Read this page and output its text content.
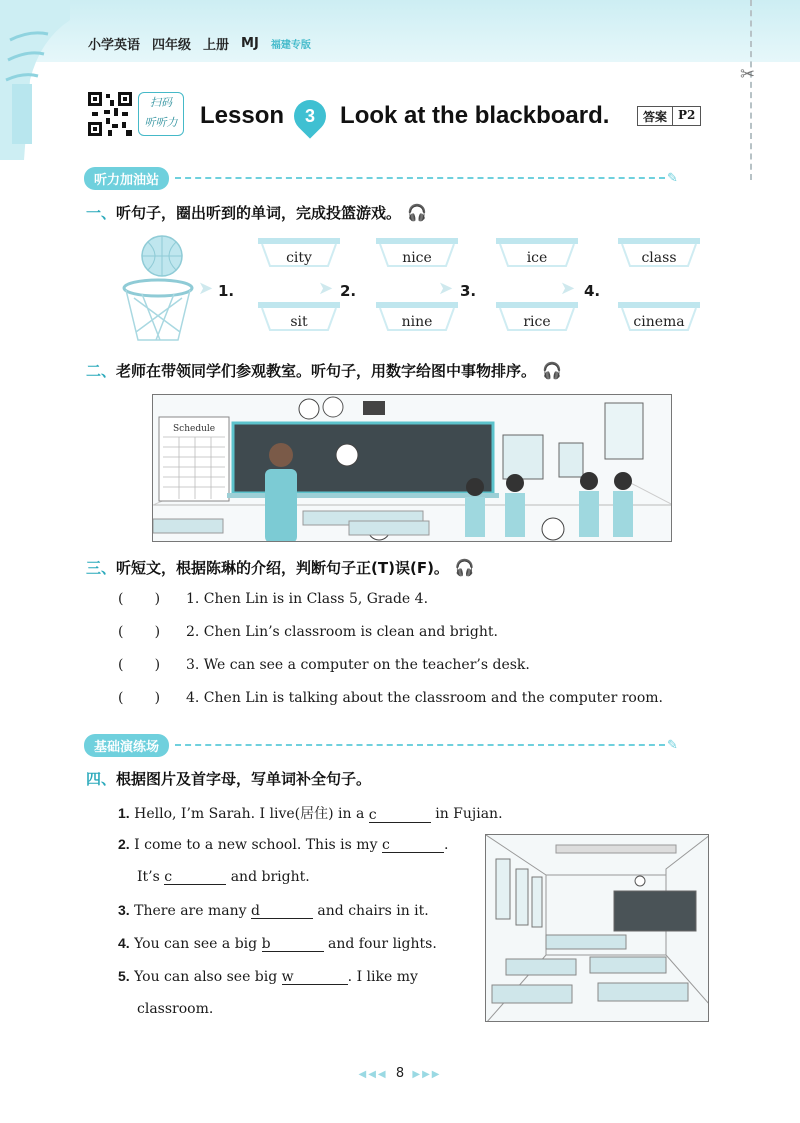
小学英语 四年级 上册 MJ 福建专版
✂
扫码
听听力 Lesson	3	Look at the blackboard.	答案 P2
听力加油站	✎
一、 听句子，圈出听到的单词，完成投篮游戏。 🎧
city
sit
nice
nine
ice
rice
class
cinema
1.	2.	3.	4.
➤	➤	➤	➤
二、 老师在带领同学们参观教室。听句子，用数字给图中事物排序。 🎧
Schedule
三、 听短文，根据陈琳的介绍，判断句子正(T)误(F)。 🎧
(       )	1. Chen Lin is in Class 5, Grade 4.
(       )	2. Chen Lin’s classroom is clean and bright.
(       )	3. We can see a computer on the teacher’s desk.
(       )	4. Chen Lin is talking about the classroom and the computer room.
基础演练场	✎
四、 根据图片及首字母，写单词补全句子。
1. Hello, I’m Sarah. I live(居住) in a c	in Fujian.
2. I come to a new school. This is my c	.
It’s c	and bright.
3. There are many d	and chairs in it.
4. You can see a big b	and four lights.
5. You can also see big w	. I like my
classroom.
◀◀◀ 8 ▶▶▶
